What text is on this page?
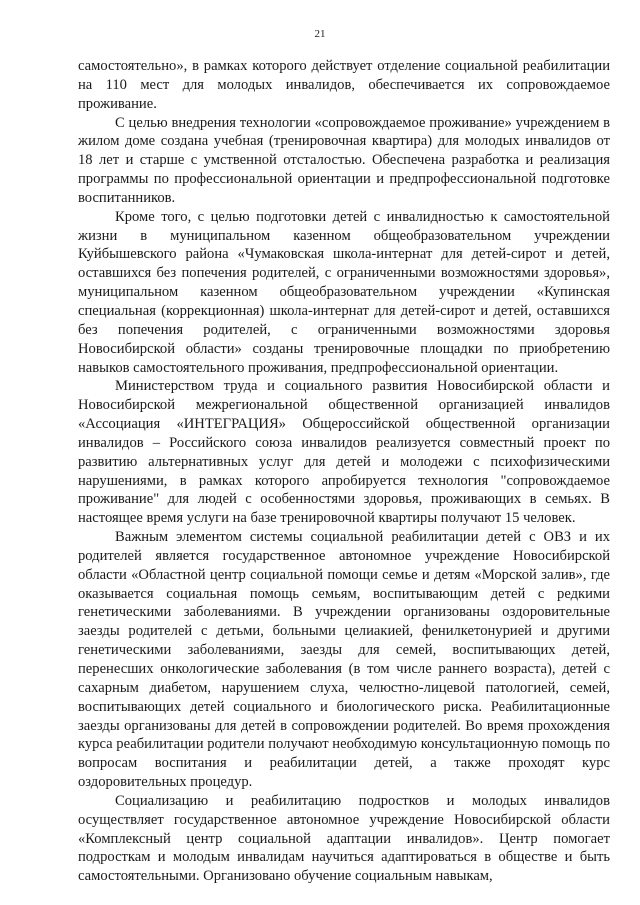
21

самостоятельно», в рамках которого действует отделение социальной реабилитации на 110 мест для молодых инвалидов, обеспечивается их сопровождаемое проживание.

С целью внедрения технологии «сопровождаемое проживание» учреждением в жилом доме создана учебная (тренировочная квартира) для молодых инвалидов от 18 лет и старше с умственной отсталостью. Обеспечена разработка и реализация программы по профессиональной ориентации и предпрофессиональной подготовке воспитанников.

Кроме того, с целью подготовки детей с инвалидностью к самостоятельной жизни в муниципальном казенном общеобразовательном учреждении Куйбышевского района «Чумаковская школа-интернат для детей-сирот и детей, оставшихся без попечения родителей, с ограниченными возможностями здоровья», муниципальном казенном общеобразовательном учреждении «Купинская специальная (коррекционная) школа-интернат для детей-сирот и детей, оставшихся без попечения родителей, с ограниченными возможностями здоровья Новосибирской области» созданы тренировочные площадки по приобретению навыков самостоятельного проживания, предпрофессиональной ориентации.

Министерством труда и социального развития Новосибирской области и Новосибирской межрегиональной общественной организацией инвалидов «Ассоциация «ИНТЕГРАЦИЯ» Общероссийской общественной организации инвалидов – Российского союза инвалидов реализуется совместный проект по развитию альтернативных услуг для детей и молодежи с психофизическими нарушениями, в рамках которого апробируется технология "сопровождаемое проживание" для людей с особенностями здоровья, проживающих в семьях. В настоящее время услуги на базе тренировочной квартиры получают 15 человек.

Важным элементом системы социальной реабилитации детей с ОВЗ и их родителей является государственное автономное учреждение Новосибирской области «Областной центр социальной помощи семье и детям «Морской залив», где оказывается социальная помощь семьям, воспитывающим детей с редкими генетическими заболеваниями. В учреждении организованы оздоровительные заезды родителей с детьми, больными целиакией, фенилкетонурией и другими генетическими заболеваниями, заезды для семей, воспитывающих детей, перенесших онкологические заболевания (в том числе раннего возраста), детей с сахарным диабетом, нарушением слуха, челюстно-лицевой патологией, семей, воспитывающих детей социального и биологического риска. Реабилитационные заезды организованы для детей в сопровождении родителей. Во время прохождения курса реабилитации родители получают необходимую консультационную помощь по вопросам воспитания и реабилитации детей, а также проходят курс оздоровительных процедур.

Социализацию и реабилитацию подростков и молодых инвалидов осуществляет государственное автономное учреждение Новосибирской области «Комплексный центр социальной адаптации инвалидов». Центр помогает подросткам и молодым инвалидам научиться адаптироваться в обществе и быть самостоятельными. Организовано обучение социальным навыкам,
